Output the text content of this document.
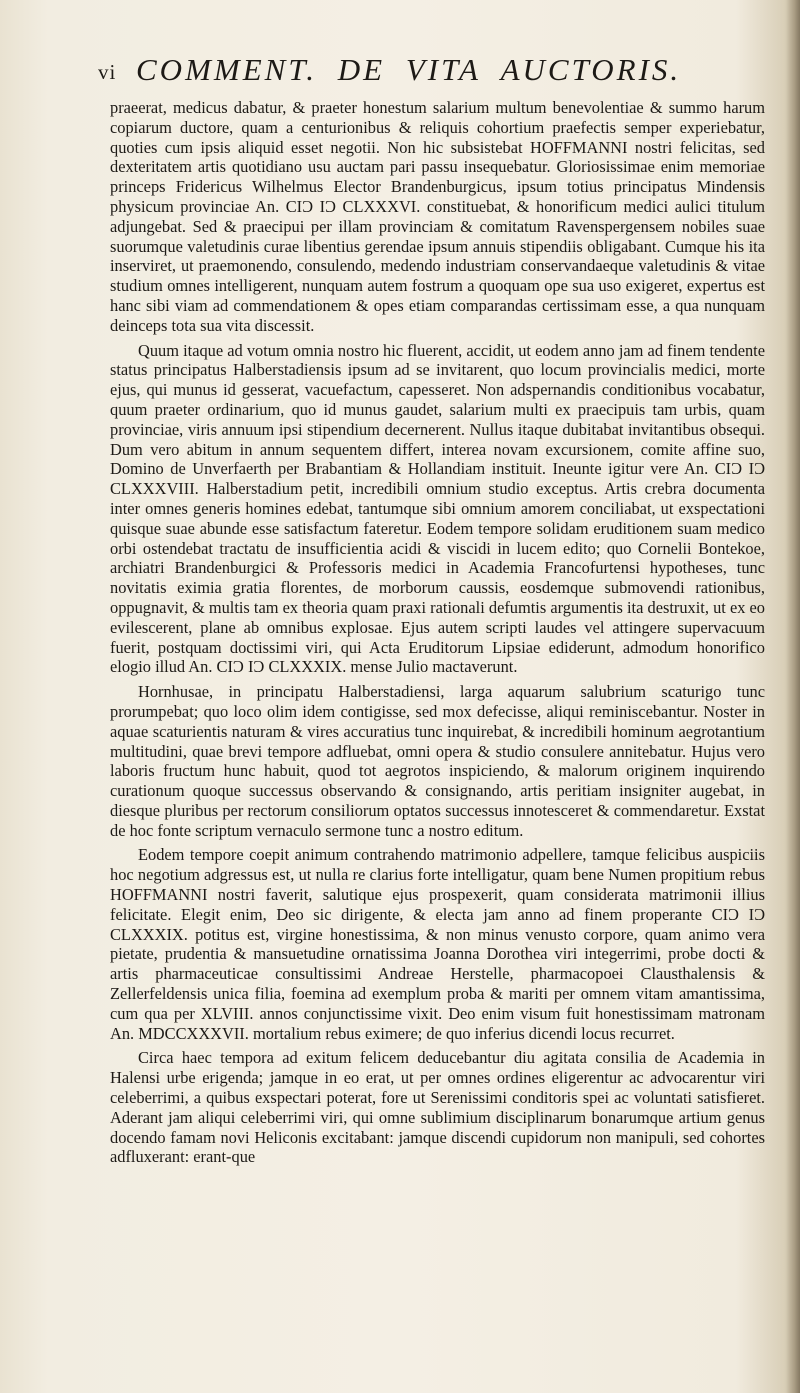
vi COMMENT. DE VITA AUCTORIS.

praeerat, medicus dabatur, & praeter honestum salarium multum benevolentiae & summo harum copiarum ductore, quam a centurionibus & reliquis cohortium praefectis semper experiebatur, quoties cum ipsis aliquid esset negotii. Non hic subsistebat HOFFMANNI nostri felicitas, sed dexteritatem artis quotidiano usu auctam pari passu insequebatur. Gloriosissimae enim memoriae princeps Fridericus Wilhelmus Elector Brandenburgicus, ipsum totius principatus Mindensis physicum provinciae An. CIƆ IƆ CLXXXVI. constituebat, & honorificum medici aulici titulum adjungebat. Sed & praecipui per illam provinciam & comitatum Ravenspergensem nobiles suae suorumque valetudinis curae libentius gerendae ipsum annuis stipendiis obligabant. Cumque his ita inserviret, ut praemonendo, consulendo, medendo industriam conservandaeque valetudinis & vitae studium omnes intelligerent, nunquam autem fostrum a quoquam ope sua uso exigeret, expertus est hanc sibi viam ad commendationem & opes etiam comparandas certissimam esse, a qua nunquam deinceps tota sua vita discessit.

Quum itaque ad votum omnia nostro hic fluerent, accidit, ut eodem anno jam ad finem tendente status principatus Halberstadiensis ipsum ad se invitarent, quo locum provincialis medici, morte ejus, qui munus id gesserat, vacuefactum, capesseret. Non adspernandis conditionibus vocabatur, quum praeter ordinarium, quo id munus gaudet, salarium multi ex praecipuis tam urbis, quam provinciae, viris annuum ipsi stipendium decernerent. Nullus itaque dubitabat invitantibus obsequi. Dum vero abitum in annum sequentem differt, interea novam excursionem, comite affine suo, Domino de Unverfaerth per Brabantiam & Hollandiam instituit. Ineunte igitur vere An. CIƆ IƆ CLXXXVIII. Halberstadium petit, incredibili omnium studio exceptus. Artis crebra documenta inter omnes generis homines edebat, tantumque sibi omnium amorem conciliabat, ut exspectationi quisque suae abunde esse satisfactum fateretur. Eodem tempore solidam eruditionem suam medico orbi ostendebat tractatu de insufficientia acidi & viscidi in lucem edito; quo Cornelii Bontekoe, archiatri Brandenburgici & Professoris medici in Academia Francofurtensi hypotheses, tunc novitatis eximia gratia florentes, de morborum caussis, eosdemque submovendi rationibus, oppugnavit, & multis tam ex theoria quam praxi rationali defumtis argumentis ita destruxit, ut ex eo evilescerent, plane ab omnibus explosae. Ejus autem scripti laudes vel attingere supervacuum fuerit, postquam doctissimi viri, qui Acta Eruditorum Lipsiae ediderunt, admodum honorifico elogio illud An. CIƆ IƆ CLXXXIX. mense Julio mactaverunt.

Hornhusae, in principatu Halberstadiensi, larga aquarum salubrium scaturigo tunc prorumpebat; quo loco olim idem contigisse, sed mox defecisse, aliqui reminiscebantur. Noster in aquae scaturientis naturam & vires accuratius tunc inquirebat, & incredibili hominum aegrotantium multitudini, quae brevi tempore adfluebat, omni opera & studio consulere annitebatur. Hujus vero laboris fructum hunc habuit, quod tot aegrotos inspiciendo, & malorum originem inquirendo curationum quoque successus observando & consignando, artis peritiam insigniter augebat, in diesque pluribus per rectorum consiliorum optatos successus innotesceret & commendaretur. Exstat de hoc fonte scriptum vernaculo sermone tunc a nostro editum.

Eodem tempore coepit animum contrahendo matrimonio adpellere, tamque felicibus auspiciis hoc negotium adgressus est, ut nulla re clarius forte intelligatur, quam bene Numen propitium rebus HOFFMANNI nostri faverit, salutique ejus prospexerit, quam considerata matrimonii illius felicitate. Elegit enim, Deo sic dirigente, & electa jam anno ad finem properante CIƆ IƆ CLXXXIX. potitus est, virgine honestissima, & non minus venusto corpore, quam animo vera pietate, prudentia & mansuetudine ornatissima Joanna Dorothea viri integerrimi, probe docti & artis pharmaceuticae consultissimi Andreae Herstelle, pharmacopoei Clausthalensis & Zellerfeldensis unica filia, foemina ad exemplum proba & mariti per omnem vitam amantissima, cum qua per XLVIII. annos conjunctissime vixit. Deo enim visum fuit honestissimam matronam An. MDCCXXXVII. mortalium rebus eximere; de quo inferius dicendi locus recurret.

Circa haec tempora ad exitum felicem deducebantur diu agitata consilia de Academia in Halensi urbe erigenda; jamque in eo erat, ut per omnes ordines eligerentur ac advocarentur viri celeberrimi, a quibus exspectari poterat, fore ut Serenissimi conditoris spei ac voluntati satisfieret. Aderant jam aliqui celeberrimi viri, qui omne sublimium disciplinarum bonarumque artium genus docendo famam novi Heliconis excitabant: jamque discendi cupidorum non manipuli, sed cohortes adfluxerant: erant-que
